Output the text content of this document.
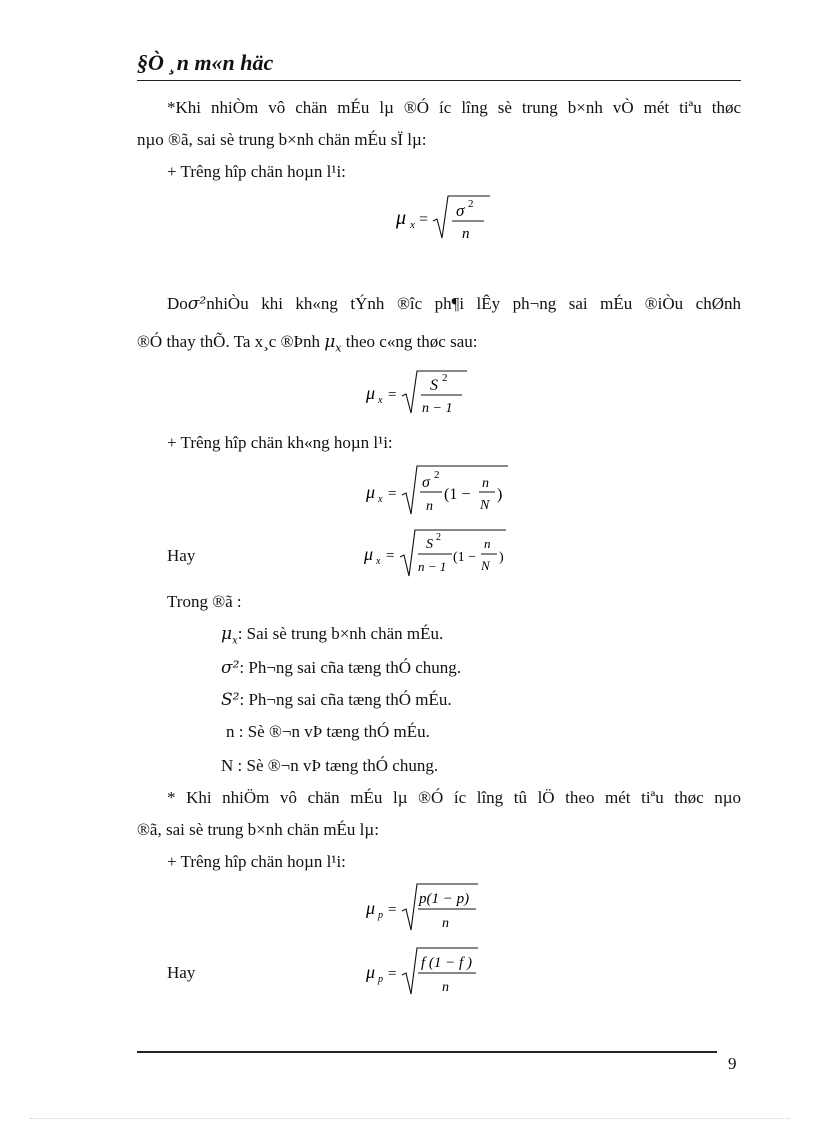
§Ò ¸n m«n häc
*Khi nhiÒm vô chän mÉu lµ ®Ó íc lîng sè trung b×nh vÒ mét tiªu thøc
nµo ®ã, sai sè trung b×nh chän mÉu sÏ lµ:
+ Trêng hîp chän hoµn l¹i:
μ x = σ 2
n
Do σ² nhiÒu khi kh«ng tÝnh ®îc ph¶i lÊy ph¬ng sai mÉu ®iÒu chØnh
®Ó thay thÕ. Ta x¸c ®Þnh $\mu_x$ theo c«ng thøc sau:
μ x =
S 2
n − 1
+ Trêng hîp chän kh«ng hoµn l¹i:
μ x =
σ 2
n
(1 −
n
N
)
Hay	μ x =
S 2
n − 1
(1 −
n
N
)
Trong ®ã :
$\mu_x$: Sai sè trung b×nh chän mÉu.
σ²: Ph¬ng sai cña tæng thÓ chung.
S²: Ph¬ng sai cña tæng thÓ mÉu.
n : Sè ®¬n vÞ tæng thÓ mÉu.
N : Sè ®¬n vÞ tæng thÓ chung.
* Khi nhiÖm vô chän mÉu lµ ®Ó íc lîng tû lÖ theo mét tiªu thøc nµo
®ã, sai sè trung b×nh chän mÉu lµ:
+ Trêng hîp chän hoµn l¹i:
μ p =
p(1 − p)
n
Hay	μ p =
f (1 − f )
n
9
